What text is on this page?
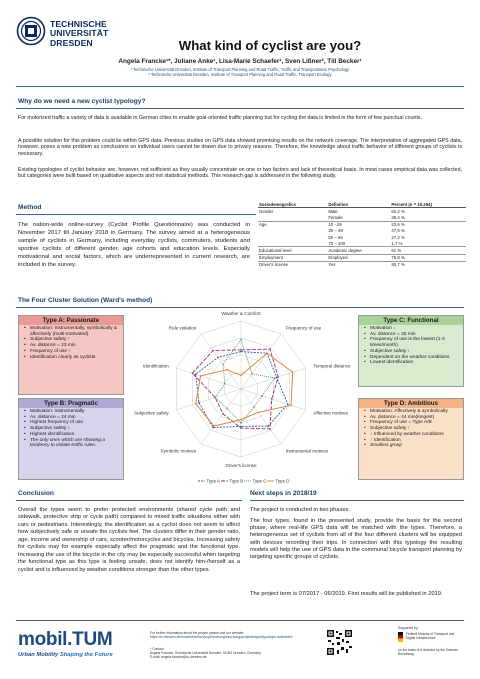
TECHNISCHE
UNIVERSITÄT
DRESDEN	What kind of cyclist are you?
Angela Francke¹*, Juliane Anke¹, Lisa-Marie Schaefer¹, Sven Lißner², Till Becker¹
¹ Technische Universität Dresden, Institute of Transport Planning and Road Traffic, Traffic and Transportation Psychology
² Technische Universität Dresden, Institute of Transport Planning and Road Traffic, Transport Ecology
Why do we need a new cyclist typology?
For motorized traffic a variety of data is available in German cities to enable goal-oriented traffic planning but for cycling the data is limited in the form of few punctual counts.
A possible solution for this problem could lie within GPS data. Previous studies on GPS data showed promising results on the network coverage. The interpretation of aggregated GPS data, however, poses a new problem as conclusions on individual users cannot be drawn due to privacy reasons. Therefore, the knowledge about traffic behavior of different groups of cyclists is necessary.
Existing typologies of cyclist behavior are, however, not sufficient as they usually concentrate on one or two factors and lack of theoretical basis. In most cases empirical data was collected, but categories were built based on qualitative aspects and not statistical methods. This research gap is addressed in the following study.
Method
The nation-wide online-survey (Cyclist Profile Questionnaire) was conducted in November 2017 till January 2018 in Germany. The survey aimed at a heterogeneous sample of cyclists in Germany, including everyday cyclists, commuters, students and sportive cyclists of different gender, age cohorts and education levels. Especially motivational and social factors, which are underrepresented in current research, are included in the survey.
Soziodemografics	Definition	Percent (n = 10.294)
Gender	Male	60,2 %
	Female	38,4 %
Age	10 - 29	23,6 %
	30 – 49	47,5 %
	50 – 69	27,2 %
	70 – 100	1,7 %
Educational level	Academic degree	61 %
Employment	Employed	75,8 %
Driver's license	Yes	90,7 %
The Four Cluster Solution (Ward's method)
Type A: Passionate
• Motivation: Instrumentally, symbolically & affectively (multi-motivated)
• Subjective safety ↑
• Av. distance = 23 min
• Frequency of use ↑
• Identification clearly as cyclists
Type B: Pragmatic
• Motivation: Instrumentally
• Av. distance = 24 min
• Highest frequency of use
• Subjective safety ↓
• Highest identification
• The only ones which are showing a tendency to violate traffic rules.
Type C: Functional
• Motivation ↓
• Av. distance = 25 min
• Frequency of use is the lowest (1-3 times/month).
• Subjective safety ↓
• Dependent on the weather conditions
• Lowest identification
Type D: Ambitious
• Motivation: Affectively & symbolically
• Av. distance = 44 min(longest)
• Frequency of use = Type A/B
• Subjective safety ↑
• ↓ Influenced by weather conditions
• ↑ Identification
• Smallest group
Weather & Comfort
Frequency of use
Temporal distance
Affective motives
Instrumental motives
Driver's license
Symbolic motives
Subjective safety
Identification
Rule violation
Type A Type B Type C Type D
Conclusion
Overall the types seem to prefer protected environments (shared cycle path and sidewalk, protective strip or cycle path) compared to mixed traffic situations either with cars or pedestrians. Interestingly, the identification as a cyclist does not seem to affect how subjectively safe or unsafe the cyclists feel. The clusters differ in their gender ratio, age, income and ownership of cars, scooter/motorcycles and bicycles. Increasing safety for cyclists may for example especially affect the pragmatic and the functional type. Increasing the use of the bicycle in the city may be especially successful when targeting the functional type as this type is feeling unsafe, does not identify him-/herself as a cyclist and is influenced by weather conditions stronger than the other types.
Next steps in 2018/19
The project is conducted in two phases.
The four types, found in the presented study, provide the basis for the second phase, where real-life GPS data will be matched with the types. Therefore, a heterogeneous set of cyclists from all of the four different clusters will be equipped with devices recording their trips. In connection with this typology the resulting models will help the use of GPS data in the communal bicycle transport planning by targeting specific groups of cyclists.
The project term is 07/2017 - 06/2019. First results will be published in 2019.
mobil.TUM
Urban Mobility Shaping the Future
For further information about the project please visit our website:
https://tu-dresden.de/bu/verkehr/ivs/vpsy/forschung/forschungsprojekte/apps/typologie-radverkehr
* Contact:
Angela Francke, Technische Universität Dresden, 01062 Dresden, Germany
E-mail: angela.francke@tu-dresden.de
Supported by:
Federal Ministry of Transport and Digital Infrastructure
on the basis of a decision by the German Bundestag
